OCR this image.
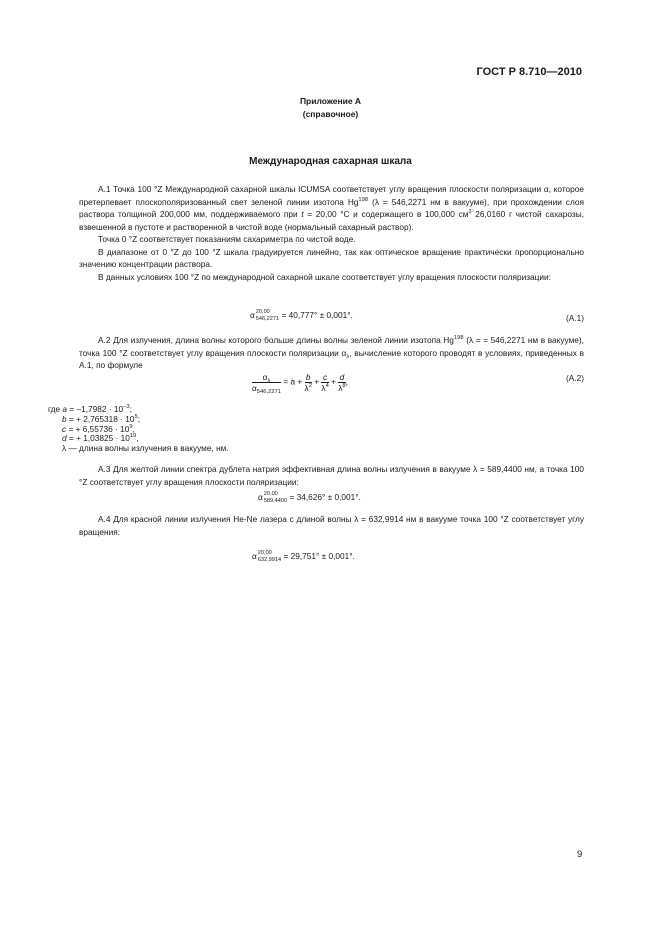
ГОСТ Р 8.710—2010
Приложение А
(справочное)
Международная сахарная шкала

А.1 Точка 100 °Z Международной сахарной шкалы ICUMSA соответствует углу вращения плоскости поляризации α, которое претерпевает плоскополяризованный свет зеленой линии изотопа Hg$^{198}$ (λ = 546,2271 нм в вакууме), при прохождении слоя раствора толщиной 200,000 мм, поддерживаемого при t = 20,00 °С и содержащего в 100,000 $см^3$ 26,0160 г чистой сахарозы, взвешенной в пустоте и растворенной в чистой воде (нормальный сахарный раствор).

Точка 0 °Z соответствует показаниям сахариметра по чистой воде.

В диапазоне от 0 °Z до 100 °Z шкала градуируется линейно, так как оптическое вращение практически пропорционально значению концентрации раствора.

В данных условиях 100 °Z по международной сахарной шкале соответствует углу вращения плоскости поляризации:

α 20,00
546,2271 = 40,777° ± 0,001°.	(А.1)

А.2 Для излучения, длина волны которого больше длины волны зеленой линии изотопа Hg$^{198}$ (λ = = 546,2271 нм в вакууме), точка 100 °Z соответствует углу вращения плоскости поляризации $\alpha_\lambda$, вычисление которого проводят в условиях, приведенных в А.1, по формуле

$\frac{\alpha_\lambda}{\alpha_{546,2271}}$ = à + $\frac{b}{\lambda^2} + \frac{c}{\lambda^4} + \frac{d}{\lambda^8}$ ,	(А.2)
где $a = -1,7982 \cdot 10^{-3}$;
b = + $2,765318 \cdot 10^5$;
c = + $6,55736 \cdot 10^9$,
d = + $1,03825 \cdot 10^{19}$,
λ — длина волны излучения в вакууме, нм.

А.3 Для желтой линии спектра дублета натрия эффективная длина волны излучения в вакууме λ = 589,4400 нм, а точка 100 °Z соответствует углу вращения плоскости поляризации:

α 20,00
589,4400 = 34,626° ± 0,001°.

А.4 Для красной линии излучения He-Ne лазера с длиной волны λ = 632,9914 нм в вакууме точка 100 °Z соответствует углу вращения:

α 20,00
632,9914 = 29,751° ± 0,001°.
9
